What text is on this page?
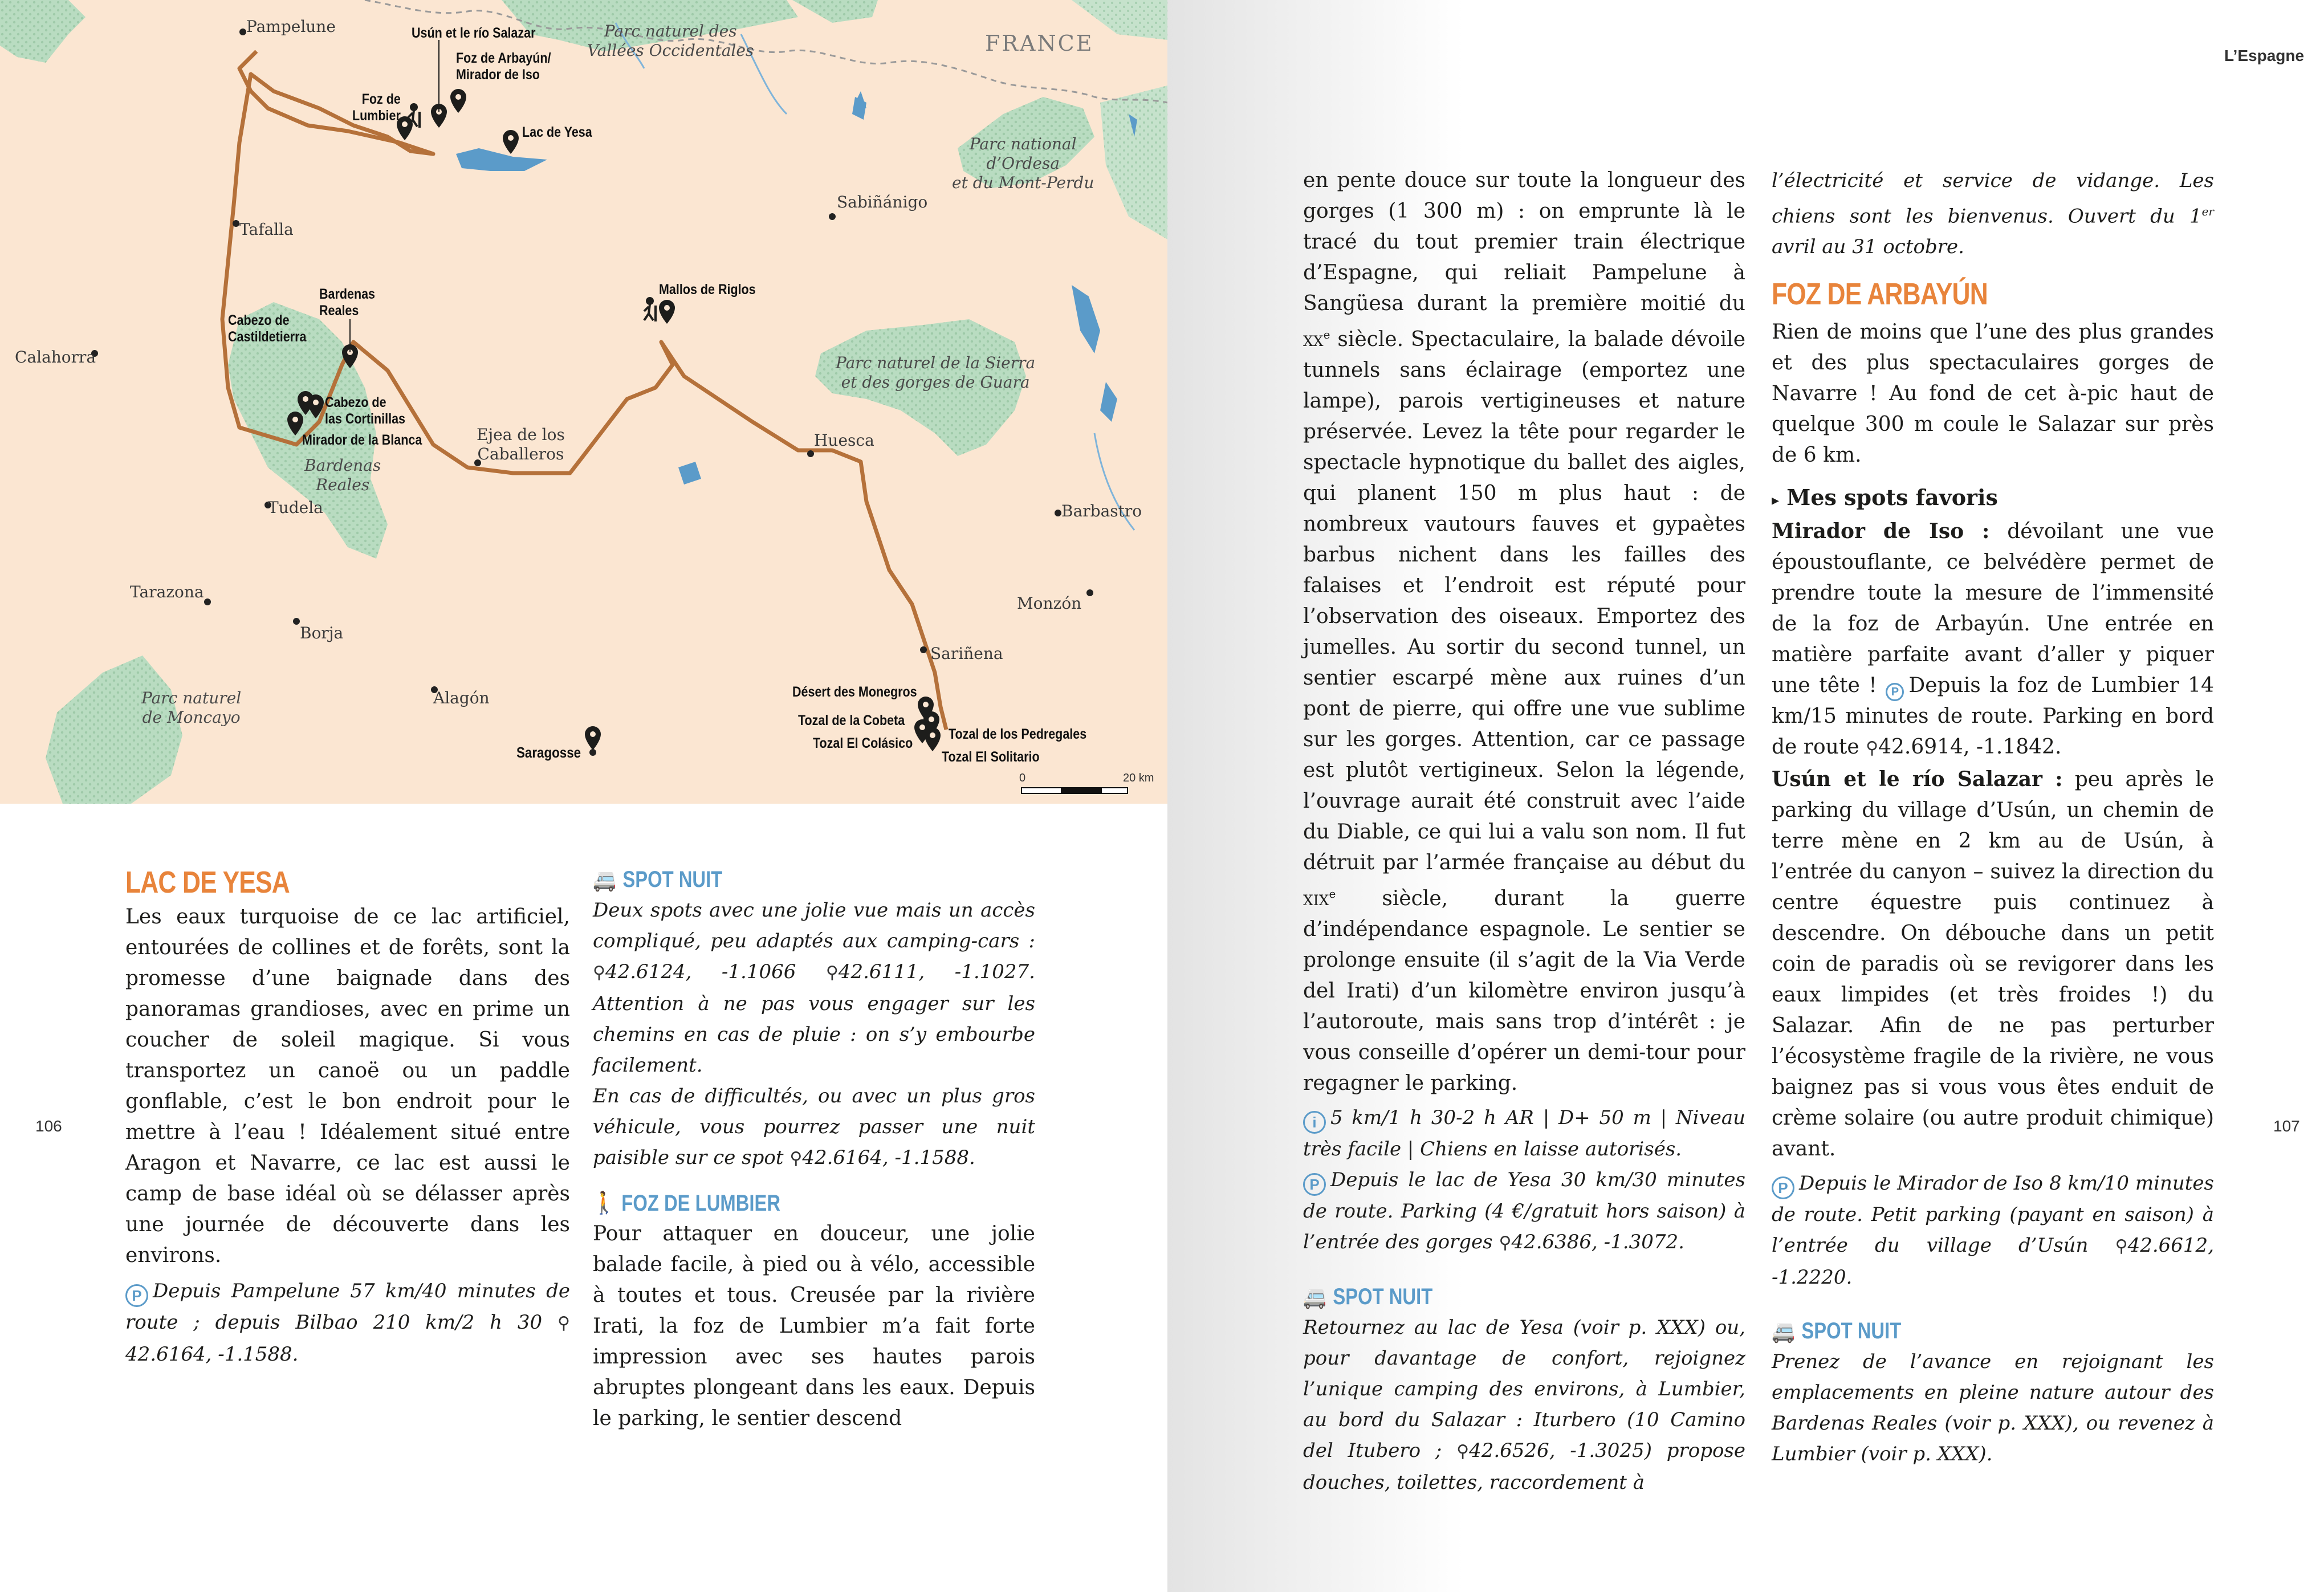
FRANCE
Pampelune
Tafalla
Calahorra
Tudela
Tarazona
Borja
Alagón
Saragosse
Ejea de los
Caballeros
Huesca
Sabiñánigo
Barbastro
Monzón
Sariñena
Usún et le río Salazar
Foz de Arbayún/
Mirador de Iso
Foz de
Lumbier
Lac de Yesa
Bardenas
Reales
Cabezo de
Castildetierra
Cabezo de
las Cortinillas
Mirador de la Blanca
Mallos de Riglos
Désert des Monegros
Tozal de la Cobeta
Tozal El Colásico
Tozal de los Pedregales
Tozal El Solitario
Parc naturel des
Vallées Occidentales
Parc national
d’Ordesa
et du Mont-Perdu
Parc naturel de la Sierra
et des gorges de Guara
Bardenas
Reales
Parc naturel
de Moncayo
0	20 km
106
LAC DE YESA

Les eaux turquoise de ce lac artificiel, entourées de collines et de forêts, sont la promesse d’une baignade dans des panoramas grandioses, avec en prime un coucher de soleil magique. Si vous transportez un canoë ou un paddle gonflable, c’est le bon endroit pour le mettre à l’eau ! Idéalement situé entre Aragon et Navarre, ce lac est aussi le camp de base idéal où se délasser après une journée de découverte dans les environs.

P Depuis Pampelune 57 km/40 minutes de route ; depuis Bilbao 210 km/2 h 30 ⚲ 42.6164, -1.1588.

🚐 SPOT NUIT

Deux spots avec une jolie vue mais un accès compliqué, peu adaptés aux camping-cars : ⚲42.6124, -1.1066 ⚲42.6111, -1.1027. Attention à ne pas vous engager sur les chemins en cas de pluie : on s’y embourbe facilement.

En cas de difficultés, ou avec un plus gros véhicule, vous pourrez passer une nuit paisible sur ce spot ⚲42.6164, -1.1588.

🚶 FOZ DE LUMBIER

Pour attaquer en douceur, une jolie balade facile, à pied ou à vélo, accessible à toutes et tous. Creusée par la rivière Irati, la foz de Lumbier m’a fait forte impression avec ses hautes parois abruptes plongeant dans les eaux. Depuis le parking, le sentier descend

L’Espagne
107

en pente douce sur toute la longueur des gorges (1 300 m) : on emprunte là le tracé du tout premier train électrique d’Espagne, qui reliait Pampelune à Sangüesa durant la première moitié du $xx^e$ siècle. Spectaculaire, la balade dévoile tunnels sans éclairage (emportez une lampe), parois vertigineuses et nature préservée. Levez la tête pour regarder le spectacle hypnotique du ballet des aigles, qui planent 150 m plus haut : de nombreux vautours fauves et gypaètes barbus nichent dans les failles des falaises et l’endroit est réputé pour l’observation des oiseaux. Emportez des jumelles. Au sortir du second tunnel, un sentier escarpé mène aux ruines d’un pont de pierre, qui offre une vue sublime sur les gorges. Attention, car ce passage est plutôt vertigineux. Selon la légende, l’ouvrage aurait été construit avec l’aide du Diable, ce qui lui a valu son nom. Il fut détruit par l’armée française au début du xix$^e$ siècle, durant la guerre d’indépendance espagnole. Le sentier se prolonge ensuite (il s’agit de la Via Verde del Irati) d’un kilomètre environ jusqu’à l’autoroute, mais sans trop d’intérêt : je vous conseille d’opérer un demi-tour pour regagner le parking.

i 5 km/1 h 30-2 h AR | D+ 50 m | Niveau très facile | Chiens en laisse autorisés.

P Depuis le lac de Yesa 30 km/30 minutes de route. Parking (4 €/gratuit hors saison) à l’entrée des gorges ⚲42.6386, -1.3072.

🚐 SPOT NUIT

Retournez au lac de Yesa (voir p. XXX) ou, pour davantage de confort, rejoignez l’unique camping des environs, à Lumbier, au bord du Salazar : Iturbero (10 Camino del Itubero ; ⚲42.6526, -1.3025) propose douches, toilettes, raccordement à

l’électricité et service de vidange. Les chiens sont les bienvenus. Ouvert du 1er avril au 31 octobre.

FOZ DE ARBAYÚN

Rien de moins que l’une des plus grandes et des plus spectaculaires gorges de Navarre ! Au fond de cet à-pic haut de quelque 300 m coule le Salazar sur près de 6 km.

▸ Mes spots favoris

Mirador de Iso : dévoilant une vue époustouflante, ce belvédère permet de prendre toute la mesure de l’immensité de la foz de Arbayún. Une entrée en matière parfaite avant d’aller y piquer une tête ! P Depuis la foz de Lumbier 14 km/15 minutes de route. Parking en bord de route ⚲42.6914, -1.1842.

Usún et le río Salazar : peu après le parking du village d’Usún, un chemin de terre mène en 2 km au de Usún, à l’entrée du canyon – suivez la direction du centre équestre puis continuez à descendre. On débouche dans un petit coin de paradis où se revigorer dans les eaux limpides (et très froides !) du Salazar. Afin de ne pas perturber l’écosystème fragile de la rivière, ne vous baignez pas si vous vous êtes enduit de crème solaire (ou autre produit chimique) avant.

P Depuis le Mirador de Iso 8 km/10 minutes de route. Petit parking (payant en saison) à l’entrée du village d’Usún ⚲42.6612, -1.2220.

🚐 SPOT NUIT

Prenez de l’avance en rejoignant les emplacements en pleine nature autour des Bardenas Reales (voir p. XXX), ou revenez à Lumbier (voir p. XXX).
